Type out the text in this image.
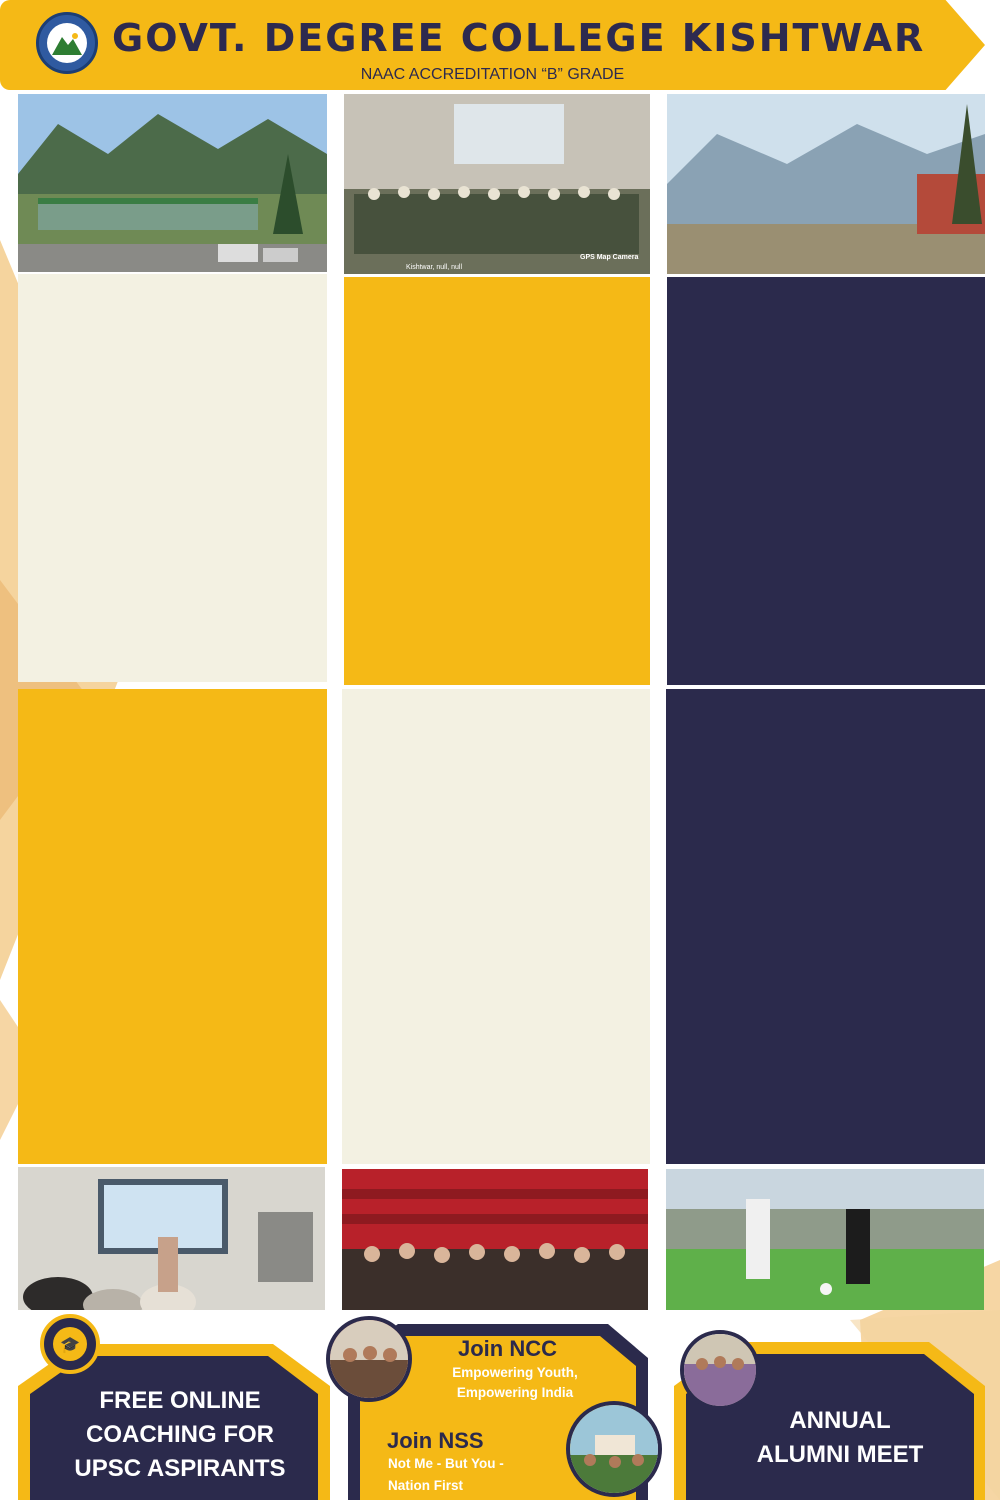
GOVT. DEGREE COLLEGE KISHTWAR
NAAC ACCREDITATION “B” GRADE
Kishtwar, null, null
GPS Map Camera
•
•
•
•
•
•
•
•
•
•
•
•
•
•
•
•
•
•
•
•
•
•
•
•
•
•
•
•
•
•
•
•
•
•
•
•
•
•
•
•
•
•
•
🎓
FREE ONLINE
COACHING FOR
UPSC ASPIRANTS
Join NCC
Empowering Youth,
Empowering India
Join NSS
Not Me - But You -
Nation First
ANNUAL
ALUMNI MEET
